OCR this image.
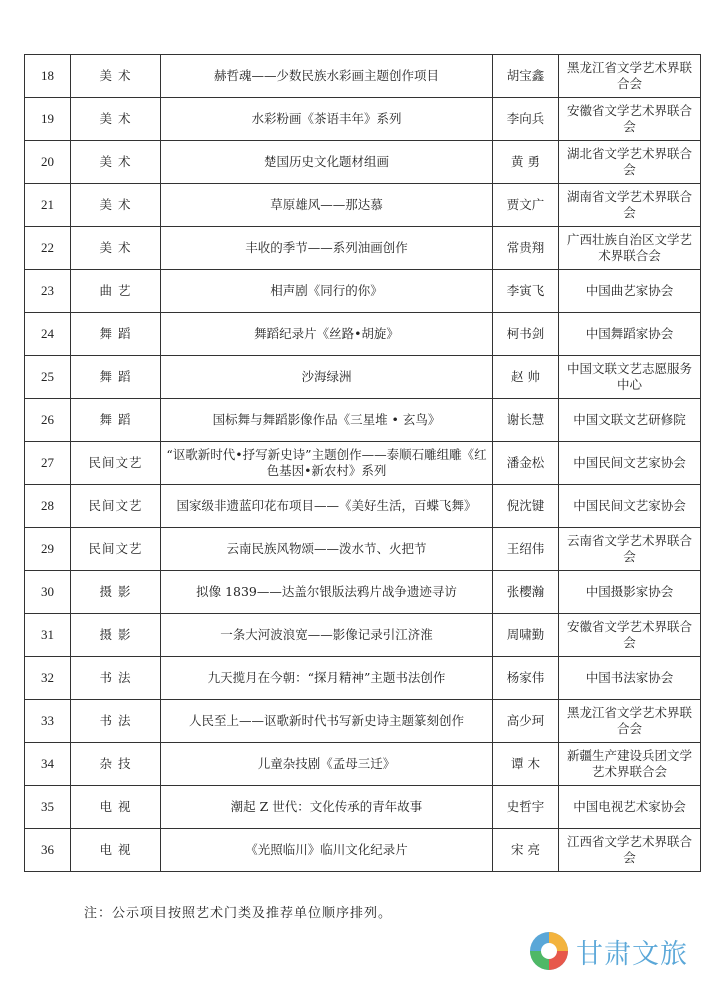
18	美 术	赫哲魂——少数民族水彩画主题创作项目	胡宝鑫	黑龙江省文学艺术界联合会
19	美 术	水彩粉画《茶语丰年》系列	李向兵	安徽省文学艺术界联合会
20	美 术	楚国历史文化题材组画	黄 勇	湖北省文学艺术界联合会
21	美 术	草原雄风——那达慕	贾文广	湖南省文学艺术界联合会
22	美 术	丰收的季节——系列油画创作	常贵翔	广西壮族自治区文学艺术界联合会
23	曲 艺	相声剧《同行的你》	李寅飞	中国曲艺家协会
24	舞 蹈	舞蹈纪录片《丝路•胡旋》	柯书剑	中国舞蹈家协会
25	舞 蹈	沙海绿洲	赵 帅	中国文联文艺志愿服务中心
26	舞 蹈	国标舞与舞蹈影像作品《三星堆 • 玄鸟》	谢长慧	中国文联文艺研修院
27	民间文艺	“讴歌新时代•抒写新史诗”主题创作——泰顺石雕组雕《红色基因•新农村》系列	潘金松	中国民间文艺家协会
28	民间文艺	国家级非遗蓝印花布项目——《美好生活，百蝶飞舞》	倪沈键	中国民间文艺家协会
29	民间文艺	云南民族风物颂——泼水节、火把节	王绍伟	云南省文学艺术界联合会
30	摄 影	拟像 1839——达盖尔银版法鸦片战争遗迹寻访	张樱瀚	中国摄影家协会
31	摄 影	一条大河波浪宽——影像记录引江济淮	周啸勤	安徽省文学艺术界联合会
32	书 法	九天揽月在今朝：“探月精神”主题书法创作	杨家伟	中国书法家协会
33	书 法	人民至上——讴歌新时代书写新史诗主题篆刻创作	高少珂	黑龙江省文学艺术界联合会
34	杂 技	儿童杂技剧《孟母三迁》	谭 木	新疆生产建设兵团文学艺术界联合会
35	电 视	潮起 Z 世代：文化传承的青年故事	史哲宇	中国电视艺术家协会
36	电 视	《光照临川》临川文化纪录片	宋 亮	江西省文学艺术界联合会
注：公示项目按照艺术门类及推荐单位顺序排列。
甘肃文旅
